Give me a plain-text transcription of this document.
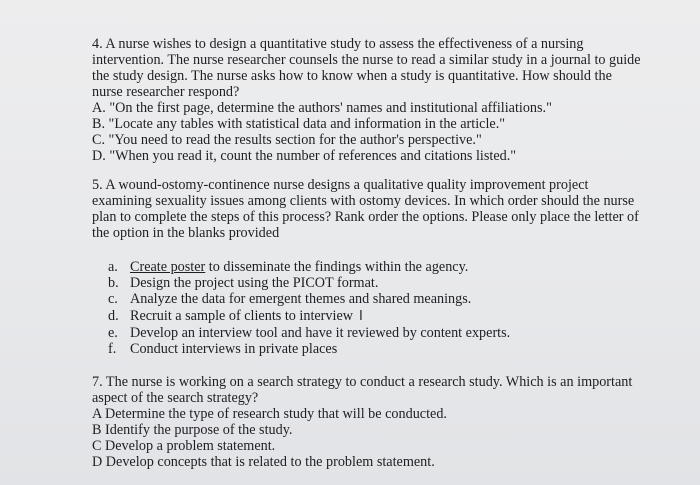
4. A nurse wishes to design a quantitative study to assess the effectiveness of a nursing
intervention. The nurse researcher counsels the nurse to read a similar study in a journal to guide
the study design. The nurse asks how to know when a study is quantitative. How should the
nurse researcher respond?
A. "On the first page, determine the authors' names and institutional affiliations."
B. "Locate any tables with statistical data and information in the article."
C. "You need to read the results section for the author's perspective."
D. "When you read it, count the number of references and citations listed."
5. A wound-ostomy-continence nurse designs a qualitative quality improvement project
examining sexuality issues among clients with ostomy devices. In which order should the nurse
plan to complete the steps of this process? Rank order the options. Please only place the letter of
the option in the blanks provided
a. Create poster to disseminate the findings within the agency.
b. Design the project using the PICOT format.
c. Analyze the data for emergent themes and shared meanings.
d. Recruit a sample of clients to interview I
e. Develop an interview tool and have it reviewed by content experts.
f. Conduct interviews in private places
7. The nurse is working on a search strategy to conduct a research study. Which is an important
aspect of the search strategy?
A Determine the type of research study that will be conducted.
B Identify the purpose of the study.
C Develop a problem statement.
D Develop concepts that is related to the problem statement.
